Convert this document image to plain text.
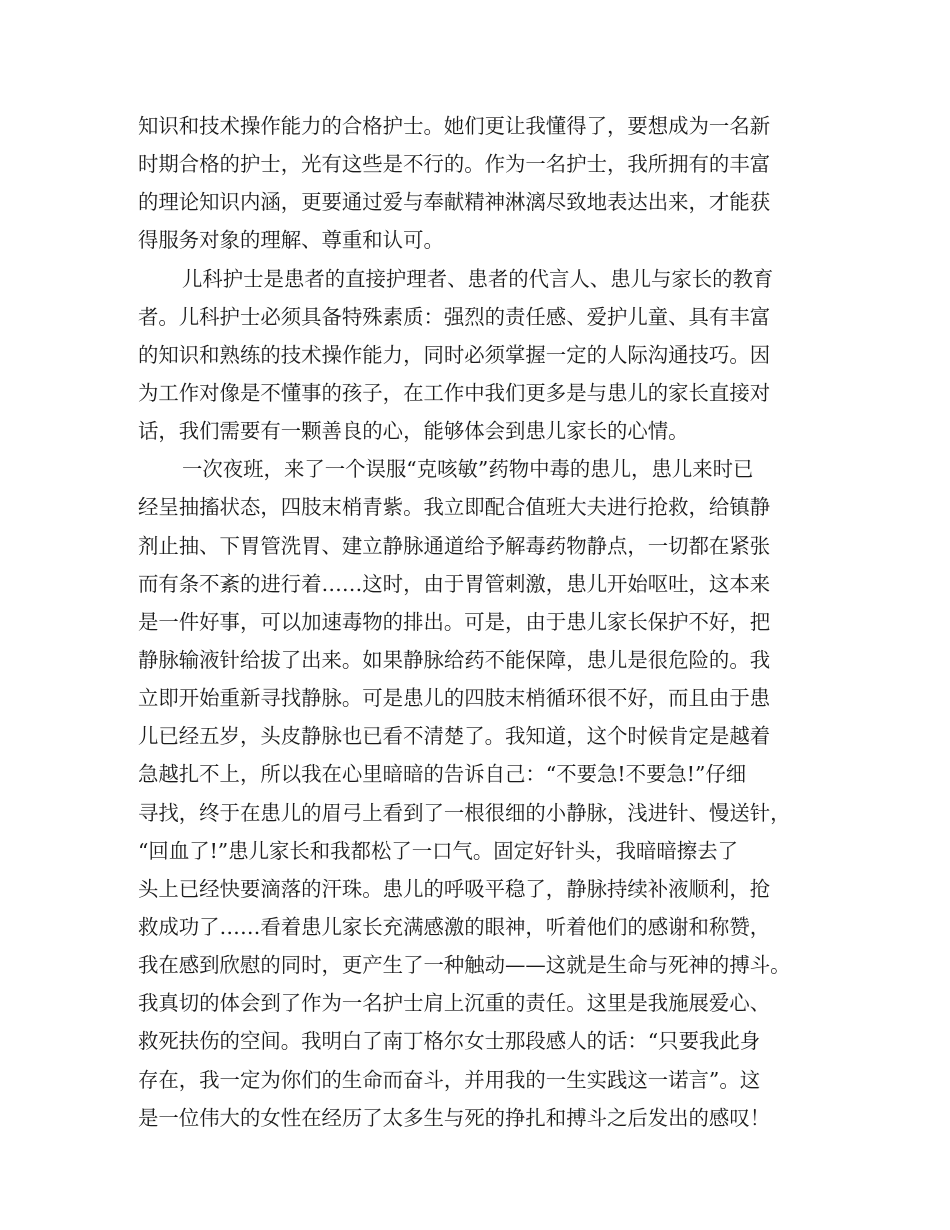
知识和技术操作能力的合格护士。她们更让我懂得了，要想成为一名新
时期合格的护士，光有这些是不行的。作为一名护士，我所拥有的丰富
的理论知识内涵，更要通过爱与奉献精神淋漓尽致地表达出来，才能获
得服务对象的理解、尊重和认可。
儿科护士是患者的直接护理者、患者的代言人、患儿与家长的教育
者。儿科护士必须具备特殊素质：强烈的责任感、爱护儿童、具有丰富
的知识和熟练的技术操作能力，同时必须掌握一定的人际沟通技巧。因
为工作对像是不懂事的孩子，在工作中我们更多是与患儿的家长直接对
话，我们需要有一颗善良的心，能够体会到患儿家长的心情。
一次夜班，来了一个误服“克咳敏”药物中毒的患儿，患儿来时已
经呈抽搐状态，四肢末梢青紫。我立即配合值班大夫进行抢救，给镇静
剂止抽、下胃管洗胃、建立静脉通道给予解毒药物静点，一切都在紧张
而有条不紊的进行着……这时，由于胃管刺激，患儿开始呕吐，这本来
是一件好事，可以加速毒物的排出。可是，由于患儿家长保护不好，把
静脉输液针给拔了出来。如果静脉给药不能保障，患儿是很危险的。我
立即开始重新寻找静脉。可是患儿的四肢末梢循环很不好，而且由于患
儿已经五岁，头皮静脉也已看不清楚了。我知道，这个时候肯定是越着
急越扎不上，所以我在心里暗暗的告诉自己：“不要急!不要急!”仔细
寻找，终于在患儿的眉弓上看到了一根很细的小静脉，浅进针、慢送针，
“回血了!”患儿家长和我都松了一口气。固定好针头，我暗暗擦去了
头上已经快要滴落的汗珠。患儿的呼吸平稳了，静脉持续补液顺利，抢
救成功了……看着患儿家长充满感激的眼神，听着他们的感谢和称赞，
我在感到欣慰的同时，更产生了一种触动——这就是生命与死神的搏斗。
我真切的体会到了作为一名护士肩上沉重的责任。这里是我施展爱心、
救死扶伤的空间。我明白了南丁格尔女士那段感人的话：“只要我此身
存在，我一定为你们的生命而奋斗，并用我的一生实践这一诺言”。这
是一位伟大的女性在经历了太多生与死的挣扎和搏斗之后发出的感叹！
